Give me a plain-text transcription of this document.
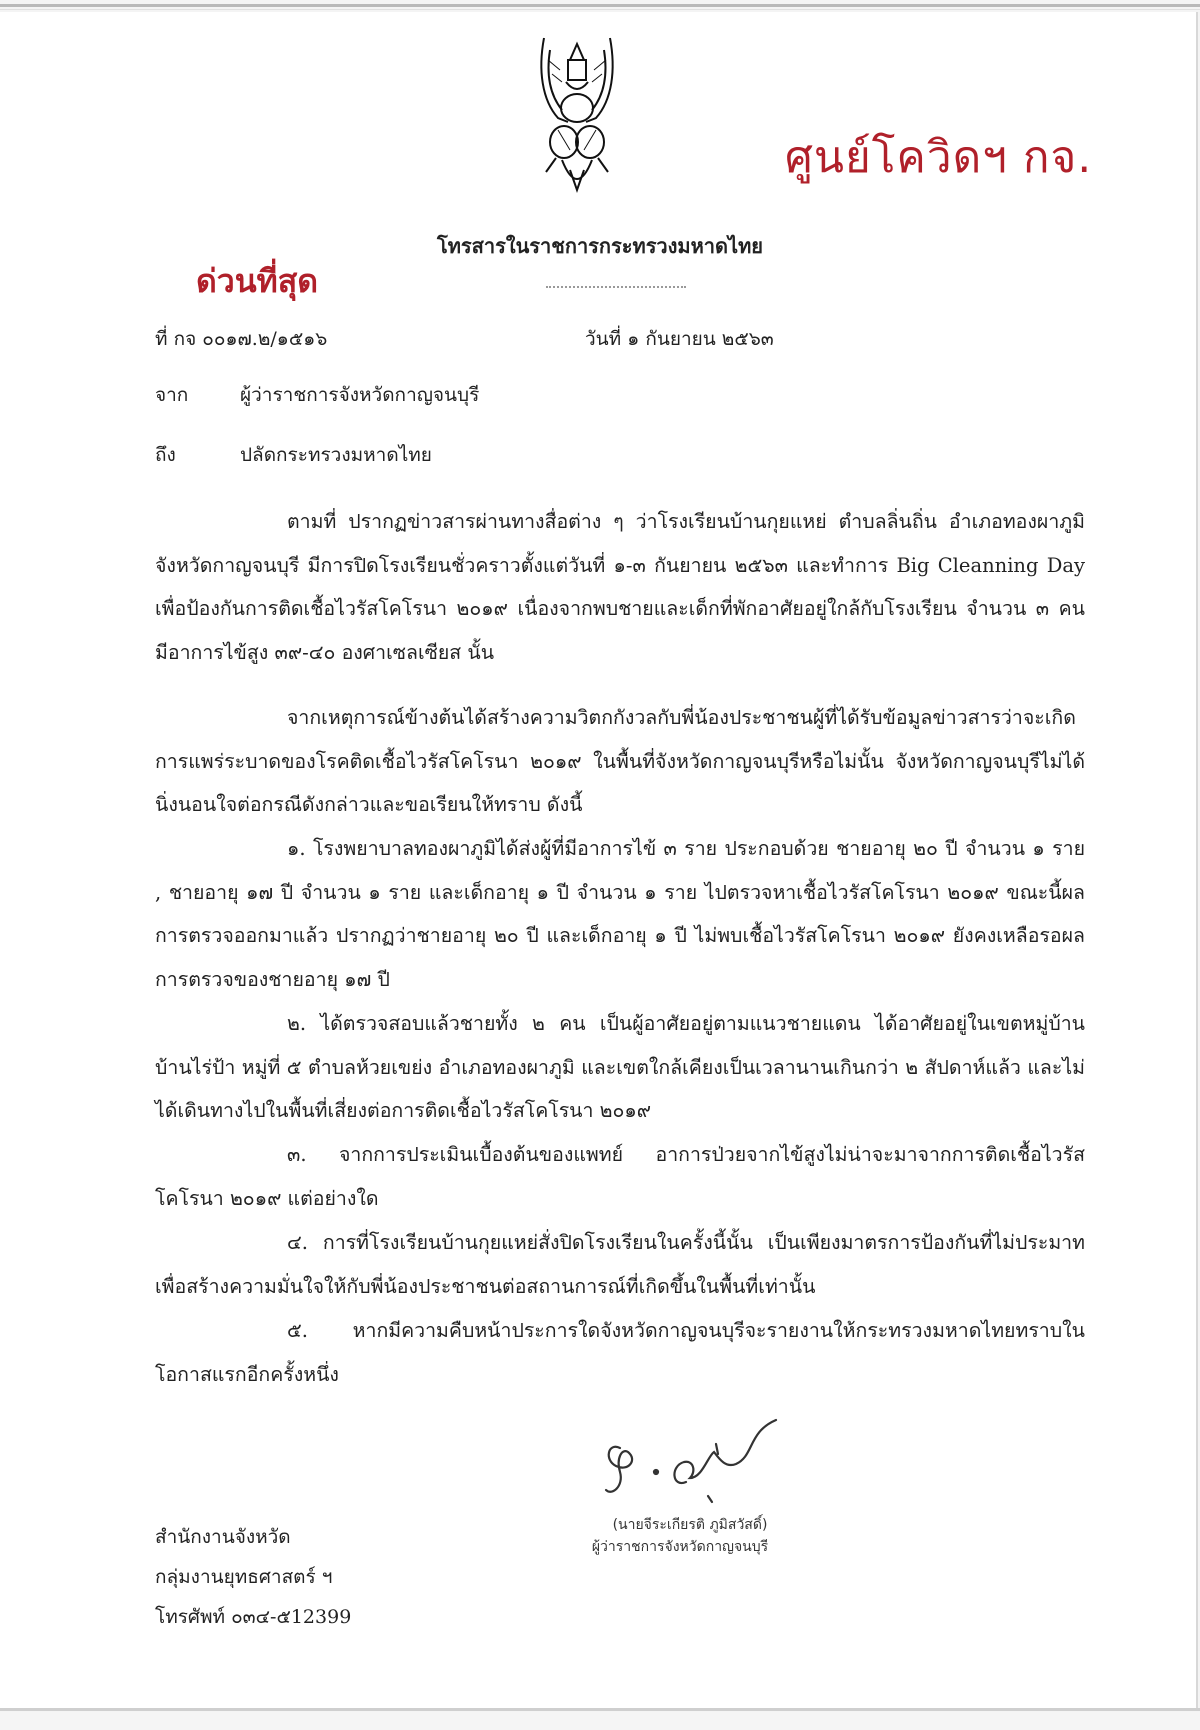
ศูนย์โควิดฯ กจ.
โทรสารในราชการกระทรวงมหาดไทย
ด่วนที่สุด
ที่ กจ ๐๐๑๗.๒/๑๕๑๖	วันที่ ๑ กันยายน ๒๕๖๓
จาก	ผู้ว่าราชการจังหวัดกาญจนบุรี
ถึง	ปลัดกระทรวงมหาดไทย

ตามที่ ปรากฏข่าวสารผ่านทางสื่อต่าง ๆ ว่าโรงเรียนบ้านกุยแหย่ ตำบลลิ่นถิ่น อำเภอทองผาภูมิ จังหวัดกาญจนบุรี มีการปิดโรงเรียนชั่วคราวตั้งแต่วันที่ ๑-๓ กันยายน ๒๕๖๓ และทำการ Big Cleanning Day เพื่อป้องกันการติดเชื้อไวรัสโคโรนา ๒๐๑๙ เนื่องจากพบชายและเด็กที่พักอาศัยอยู่ใกล้กับโรงเรียน จำนวน ๓ คน มีอาการไข้สูง ๓๙-๔๐ องศาเซลเซียส นั้น

จากเหตุการณ์ข้างต้นได้สร้างความวิตกกังวลกับพี่น้องประชาชนผู้ที่ได้รับข้อมูลข่าวสารว่าจะเกิดการแพร่ระบาดของโรคติดเชื้อไวรัสโคโรนา ๒๐๑๙ ในพื้นที่จังหวัดกาญจนบุรีหรือไม่นั้น จังหวัดกาญจนบุรีไม่ได้นิ่งนอนใจต่อกรณีดังกล่าวและขอเรียนให้ทราบ ดังนี้

๑. โรงพยาบาลทองผาภูมิได้ส่งผู้ที่มีอาการไข้ ๓ ราย ประกอบด้วย ชายอายุ ๒๐ ปี จำนวน ๑ ราย , ชายอายุ ๑๗ ปี จำนวน ๑ ราย และเด็กอายุ ๑ ปี จำนวน ๑ ราย ไปตรวจหาเชื้อไวรัสโคโรนา ๒๐๑๙ ขณะนี้ผลการตรวจออกมาแล้ว ปรากฏว่าชายอายุ ๒๐ ปี และเด็กอายุ ๑ ปี ไม่พบเชื้อไวรัสโคโรนา ๒๐๑๙ ยังคงเหลือรอผลการตรวจของชายอายุ ๑๗ ปี

๒. ได้ตรวจสอบแล้วชายทั้ง ๒ คน เป็นผู้อาศัยอยู่ตามแนวชายแดน ได้อาศัยอยู่ในเขตหมู่บ้านบ้านไร่ป้า หมู่ที่ ๕ ตำบลห้วยเขย่ง อำเภอทองผาภูมิ และเขตใกล้เคียงเป็นเวลานานเกินกว่า ๒ สัปดาห์แล้ว และไม่ได้เดินทางไปในพื้นที่เสี่ยงต่อการติดเชื้อไวรัสโคโรนา ๒๐๑๙

๓. จากการประเมินเบื้องต้นของแพทย์ อาการป่วยจากไข้สูงไม่น่าจะมาจากการติดเชื้อไวรัสโคโรนา ๒๐๑๙ แต่อย่างใด

๔. การที่โรงเรียนบ้านกุยแหย่สั่งปิดโรงเรียนในครั้งนี้นั้น เป็นเพียงมาตรการป้องกันที่ไม่ประมาทเพื่อสร้างความมั่นใจให้กับพี่น้องประชาชนต่อสถานการณ์ที่เกิดขึ้นในพื้นที่เท่านั้น

๕. หากมีความคืบหน้าประการใดจังหวัดกาญจนบุรีจะรายงานให้กระทรวงมหาดไทยทราบในโอกาสแรกอีกครั้งหนึ่ง

(นายจีระเกียรติ ภูมิสวัสดิ์)
ผู้ว่าราชการจังหวัดกาญจนบุรี
สำนักงานจังหวัด
กลุ่มงานยุทธศาสตร์ ฯ
โทรศัพท์ ๐๓๔-๕12399
